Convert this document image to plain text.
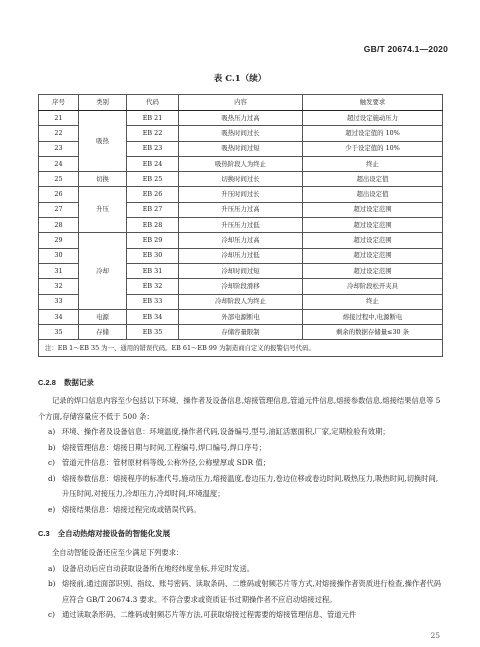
GB/T 20674.1—2020
表 C.1（续）
序号	类别	代码	内容	触发要求
21	吸热	EB 21	吸热压力过高	超过设定施动压力
22		EB 22	吸热时间过长	超过设定值的 10%
23		EB 23	吸热时间过短	少于设定值的 10%
24		EB 24	吸热阶段人为终止	终止
25	切换	EB 25	切换时间过长	超出设定值
26	升压	EB 26	升压时间过长	超出设定值
27		EB 27	升压压力过高	超过设定范围
28		EB 28	升压压力过低	超过设定范围
29	冷却	EB 29	冷却压力过高	超过设定范围
30		EB 30	冷却压力过低	超过设定范围
31		EB 31	冷却时间过短	超过设定范围
32		EB 32	冷却阶段滑移	冷却阶段松开夹具
33		EB 33	冷却阶段人为终止	终止
34	电源	EB 34	外部电源断电	熔接过程中,电源断电
35	存储	EB 35	存储容量限制	剩余的数据存储量≤30 条
注：EB 1～EB 35 为一、通用的错误代码。EB 61～EB 99 为制造商自定义的报警信号代码。				
C.2.8 数据记录
记录的焊口信息内容至少包括以下环境、操作者及设备信息,熔接管理信息,管道元件信息,熔接参数信息,熔接结果信息等 5 个方面,存储容量应不低于 500 条：
a) 环境、操作者及设备信息：环境温度,操作者代码,设备编号,型号,油缸活塞面积,厂家,定期检验有效期；
b) 熔接管理信息：熔接日期与时间,工程编号,焊口编号,焊口序号；
c) 管道元件信息：管材原材料等级,公称外径,公称壁厚或 SDR 值；
d) 熔接参数信息：熔接程序的标准代号,施动压力,熔接温度,卷边压力,卷边位移或卷边时间,吸热压力,吸热时间,切换时间,升压时间,对接压力,冷却压力,冷却时间,环境温度；
e) 熔接结果信息：熔接过程完成或错误代码。
C.3 全自动热熔对接设备的智能化发展
全自动智能设备还应至少满足下列要求：
a) 设备启动后应自动获取设备所在地经纬度坐标,并定时发送。
b) 熔接前,通过面部识别、指纹、账号密码、读取条码、二维码或射频芯片等方式,对熔接操作者资质进行检查,操作者代码应符合 GB/T 20674.3 要求。不符合要求或资质证书过期操作者不应启动熔接过程。
c) 通过读取条形码、二维码或射频芯片等方法,可获取熔接过程需要的熔接管理信息、管道元件
25
